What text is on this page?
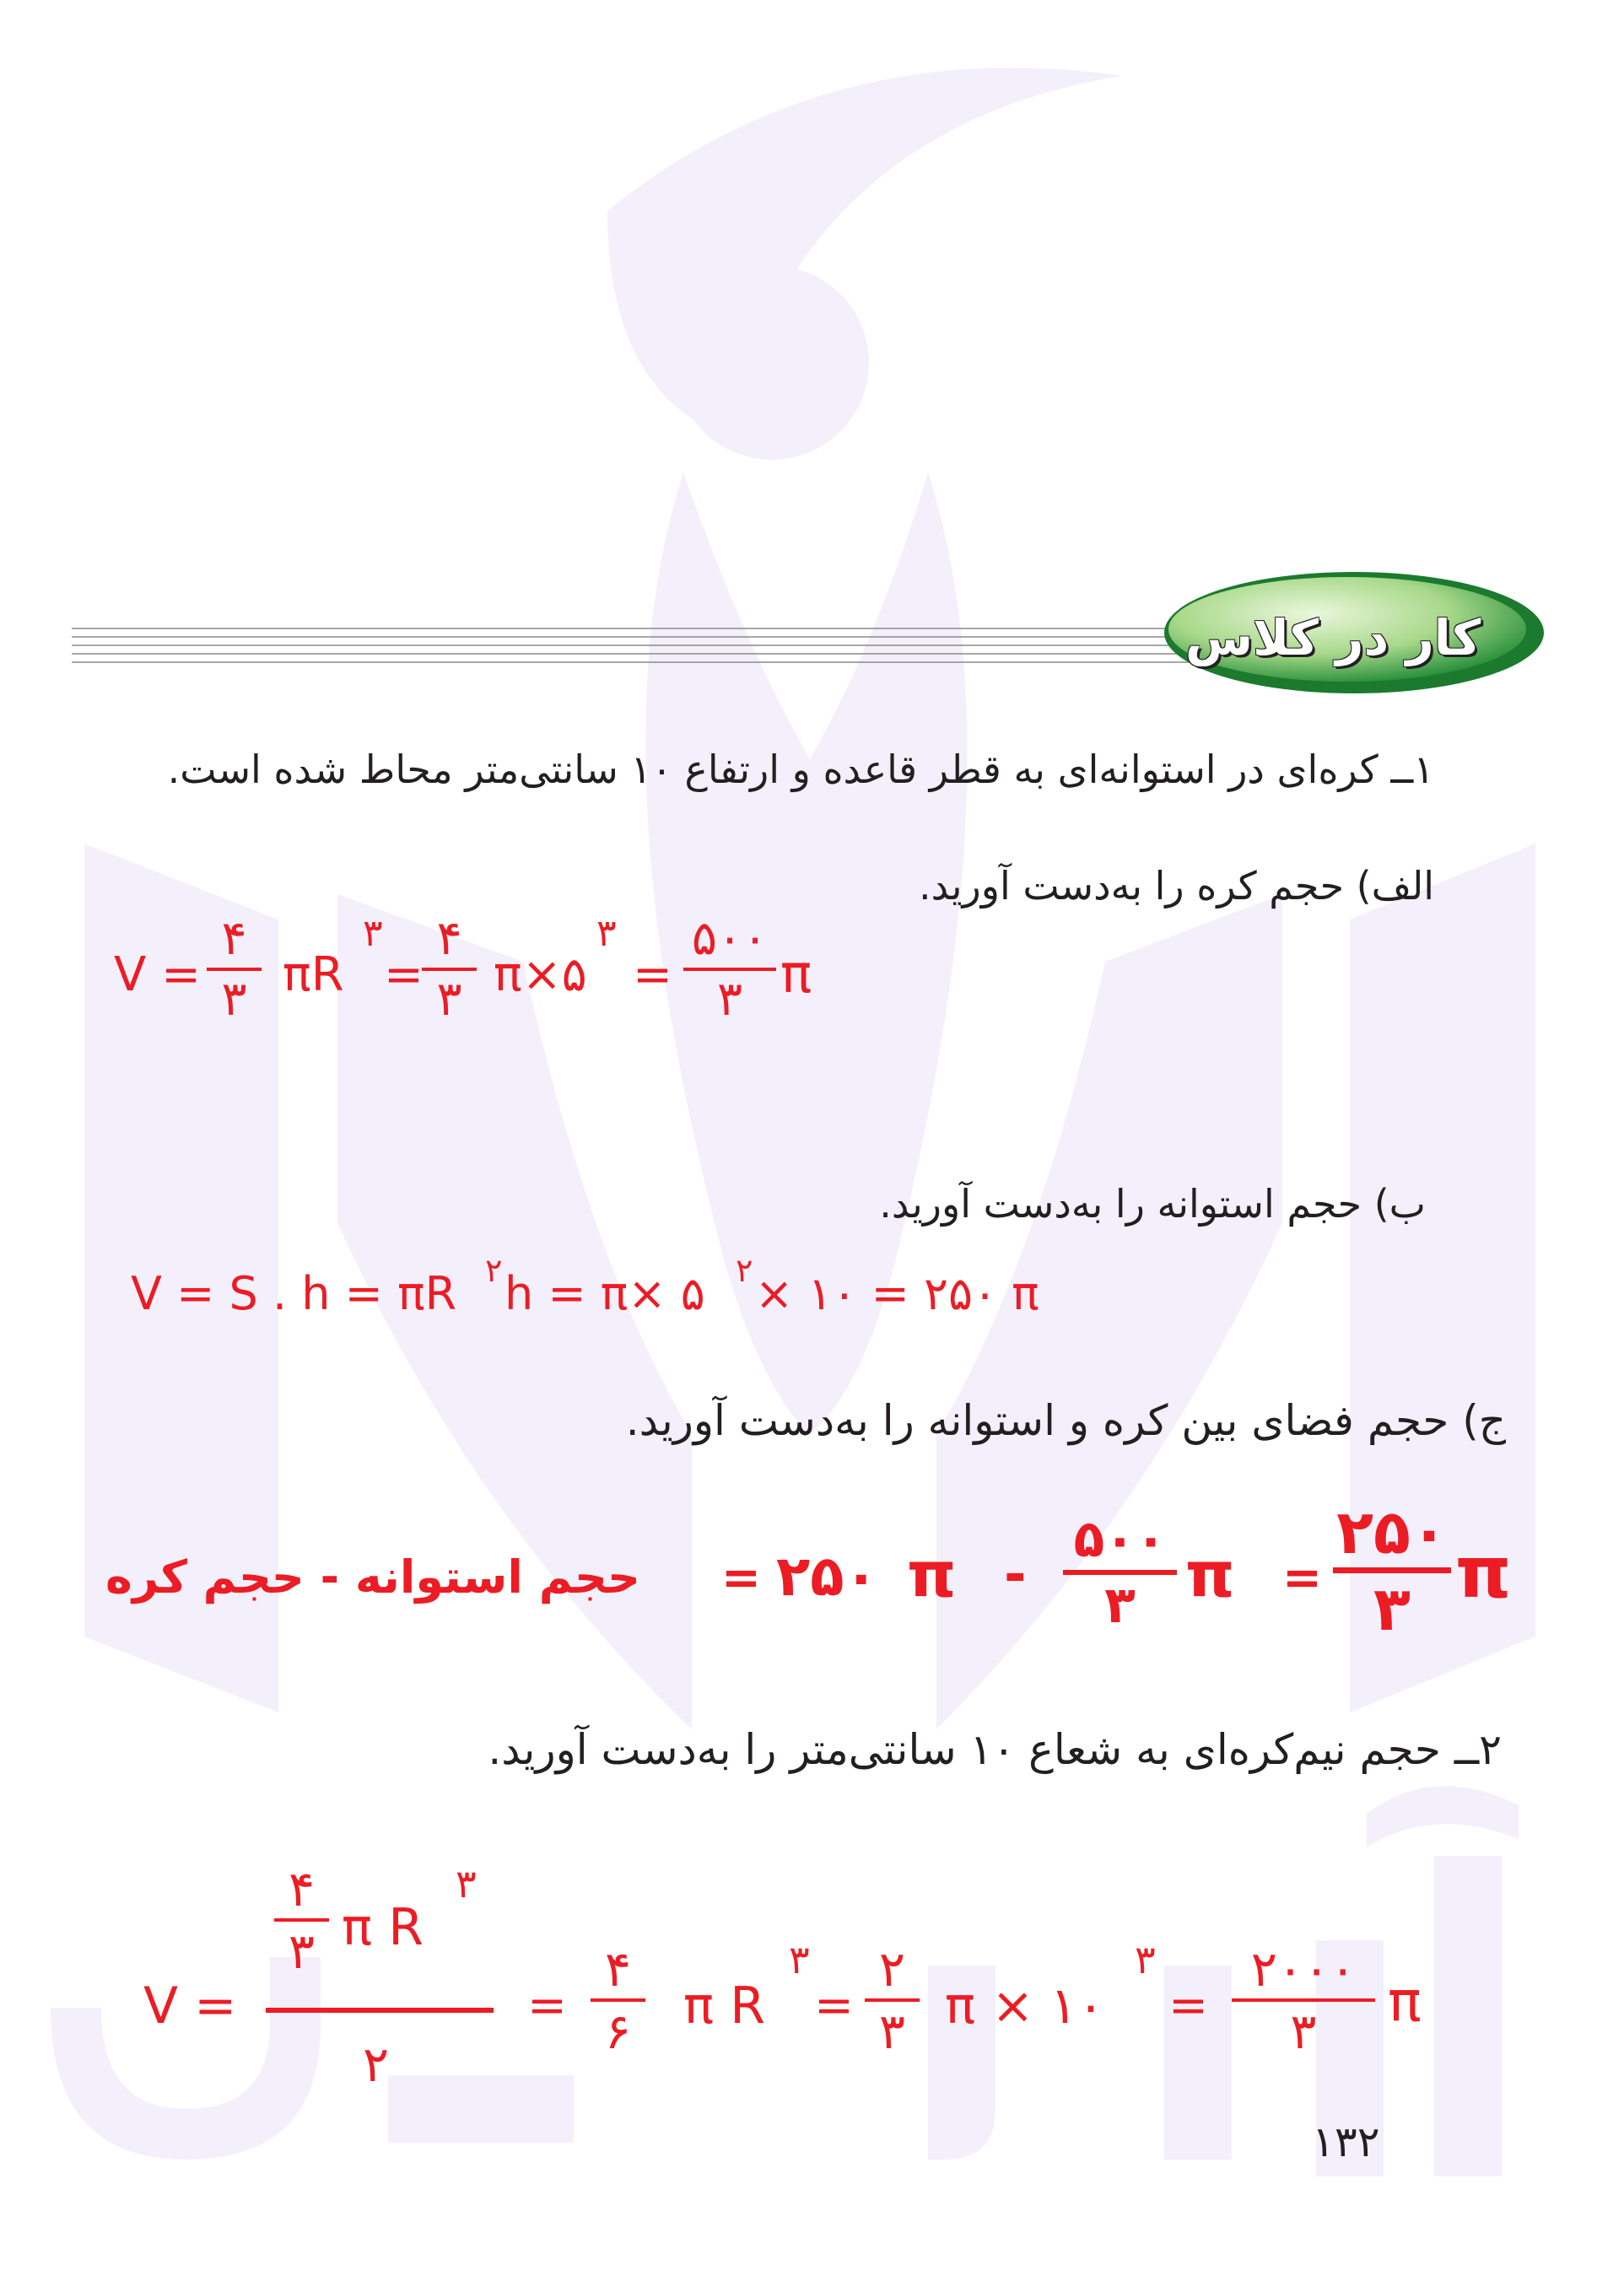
کار در کلاس
١ــ کره‌ای در استوانه‌ای به قطر قاعده و ارتفاع ١٠ سانتی‌متر محاط شده است.
الف) حجم کره را به‌دست آورید.
V =
۴
۳ πR
۳
=
۴
۳ π×۵
۳
=
۵۰۰
۳ π
ب) حجم استوانه را به‌دست آورید.
V = S . h = πR ۲ h = π× ۵ ۲ × ۱۰ = ۲۵۰ π
ج) حجم فضای بین کره و استوانه را به‌دست آورید.
حجم استوانه - حجم کره = ۲۵۰ π -
۵۰۰
۳ π =
۲۵۰
۳ π
٢ــ حجم نیم‌کره‌ای به شعاع ١٠ سانتی‌متر را به‌دست آورید.
V =
۴
۳ π R
۳
۲
=
۴
۶ π R
۳
=
۲
۳ π × ۱۰
۳
=
۲۰۰۰
۳ π
۱۳۲
